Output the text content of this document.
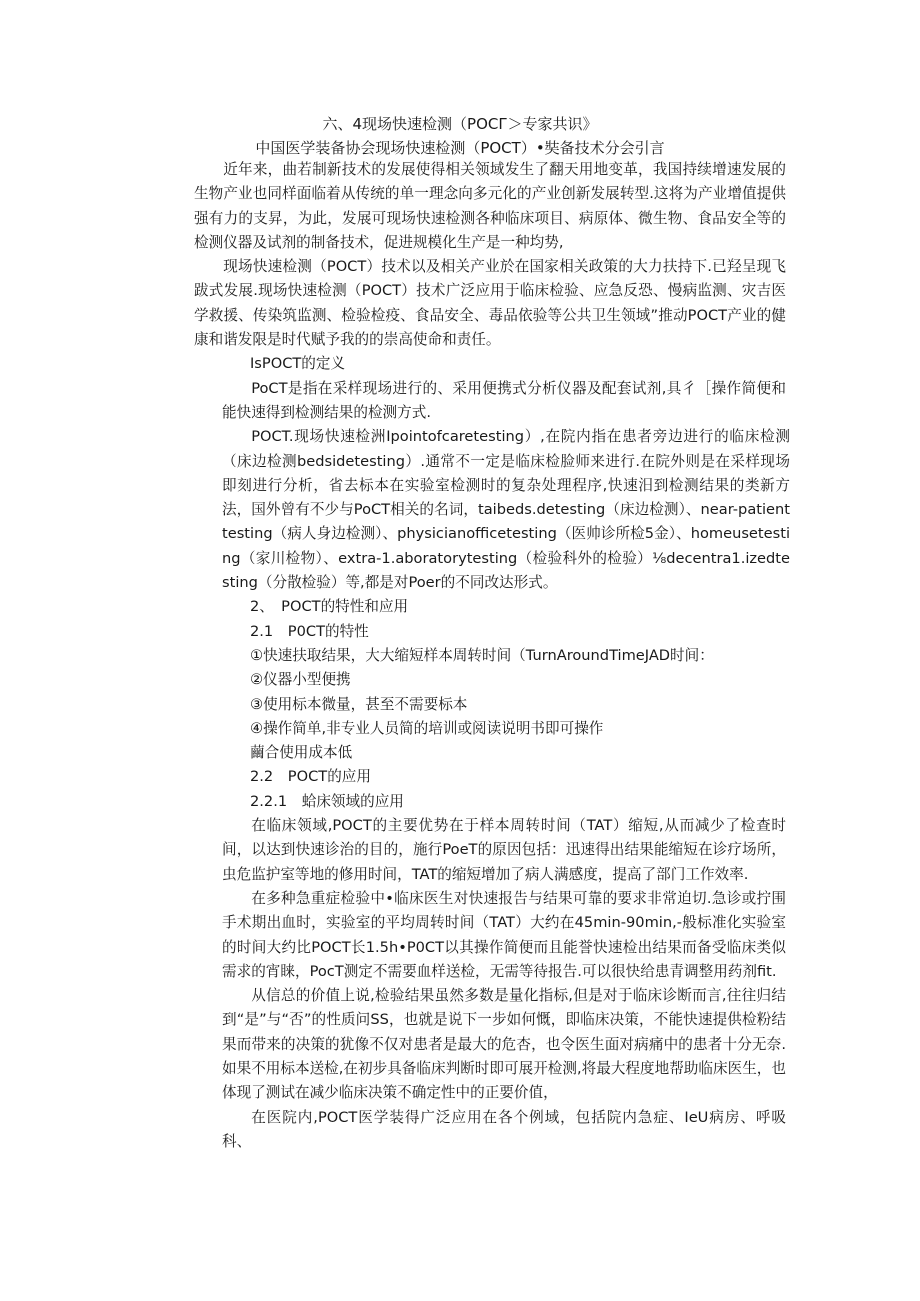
六、4现场快速检测（POCГ＞专家共识》
中国医学装备协会现场快速检测（POCT）•奘备技术分会引言

近年来，曲若制新技术的发展使得相关领域发生了翻天用地变革，我国持续增速发展的生物产业也同样面临着从传统的单一理念向多元化的产业创新发展转型.这将为产业增值提供强有力的支昇，为此，发展可现场快速检测各种临床项目、病原体、微生物、食品安全等的检测仪器及试剂的制备技术，促进规模化生产是一种均势,

现场快速检测（POCT）技术以及相关产业於在国家相关政策的大力扶持下.已羟呈现飞跋式发展.现场快速检测（POCT）技术广泛应用于临床检验、应急反恐、慢病监测、灾吉医学救援、传染筑监测、检验检疫、食品安全、毒品依验等公共卫生领域”推动POCT产业的健康和谐发限是时代赋予我的的崇高使命和责任。

IsPOCT的定义

PoCT是指在采样现场进行的、采用便携式分析仪器及配套试剂,具彳［操作简便和能快速得到检测结果的检测方式.

POCT.现场快速检洲Ipointofcaretesting）,在院内指在患者旁边进行的临床检测（床边检测bedsidetesting）.通常不一定是临床检脸师来进行.在院外则是在采样现场即刻进行分析，省去标本在实验室检测时的复杂处理程序,快速汨到检测结果的类新方法，国外曾有不少与PoCT相关的名词，taibeds.detesting（床边检测）、near-patienttesting（病人身边检测）、physicianofficetesting（医帅诊所检5金）、homeusetesting（家川检物）、extra-1.aboratorytesting（检验科外的检验）⅛decentra1.izedtesting（分散检验）等,都是对Poer的不同改达形式。

2、　POCT的特性和应用

2.1　P0CT的特性

①快速扶取结果，大大缩短样本周转时间（TurnAroundTimeJAD时间：

②仪器小型便携

③使用标本微量，甚至不需要标本

④操作简单,非专业人员简的培训或阅读说明书即可操作

繭合使用成本低

2.2　POCT的应用

2.2.1　蛤床领域的应用

在临床领域,POCT的主要优势在于样本周转时间（TAT）缩短,从而减少了检查时间，以达到快速诊治的目的，施行PoeT的原因包括：迅速得出结果能缩短在诊疗场所，虫危监护室等地的修用时间，TAT的缩短增加了病人满感度，提高了部门工作效率.

在多种急重症检验中•临床医生对快速报告与结果可靠的要求非常迫切.急诊或拧围手术期出血时，实验室的平均周转时间（TAT）大约在45min-90min,-般标准化实验室的时间大约比POCT长1.5h•P0CT以其操作简便而且能誉快速检出结果而备受临床类似需求的宵睐，PocT测定不需要血样送检，无需等待报告.可以很快给患青调整用药剂fit.

从信总的价值上说,检验结果虽然多数是量化指标,但是对于临床诊断而言,往往归结到“是”与“否”的性质问SS，也就是说下一步如何慨，即临床决策，不能快速提供检粉结果而带来的决策的犹像不仅对患者是最大的危杏，也令医生面对病痛中的患者十分无奈.如果不用标本送检,在初步具备临床判断时即可展开检测,将最大程度地帮助临床医生，也体现了测试在减少临床决策不确定性中的正要价值，

在医院内,POCT医学装得广泛应用在各个例域，包括院内急症、IeU病房、呼吸科、
